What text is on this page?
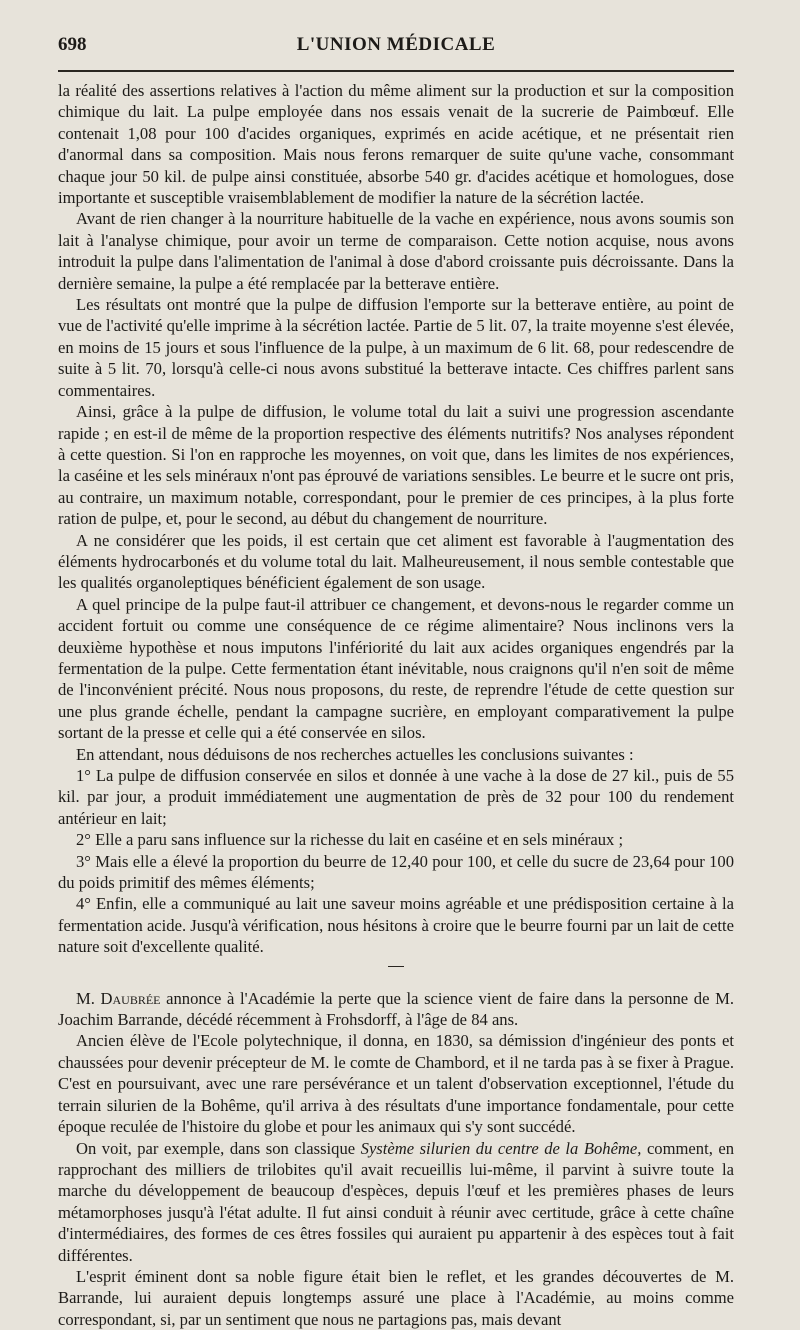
698	L'UNION MÉDICALE

la réalité des assertions relatives à l'action du même aliment sur la production et sur la composition chimique du lait. La pulpe employée dans nos essais venait de la sucrerie de Paimbœuf. Elle contenait 1,08 pour 100 d'acides organiques, exprimés en acide acétique, et ne présentait rien d'anormal dans sa composition. Mais nous ferons remarquer de suite qu'une vache, consommant chaque jour 50 kil. de pulpe ainsi constituée, absorbe 540 gr. d'acides acétique et homologues, dose importante et susceptible vraisemblablement de modifier la nature de la sécrétion lactée.

Avant de rien changer à la nourriture habituelle de la vache en expérience, nous avons soumis son lait à l'analyse chimique, pour avoir un terme de comparaison. Cette notion acquise, nous avons introduit la pulpe dans l'alimentation de l'animal à dose d'abord croissante puis décroissante. Dans la dernière semaine, la pulpe a été remplacée par la betterave entière.

Les résultats ont montré que la pulpe de diffusion l'emporte sur la betterave entière, au point de vue de l'activité qu'elle imprime à la sécrétion lactée. Partie de 5 lit. 07, la traite moyenne s'est élevée, en moins de 15 jours et sous l'influence de la pulpe, à un maximum de 6 lit. 68, pour redescendre de suite à 5 lit. 70, lorsqu'à celle-ci nous avons substitué la betterave intacte. Ces chiffres parlent sans commentaires.

Ainsi, grâce à la pulpe de diffusion, le volume total du lait a suivi une progression ascendante rapide ; en est-il de même de la proportion respective des éléments nutritifs? Nos analyses répondent à cette question. Si l'on en rapproche les moyennes, on voit que, dans les limites de nos expériences, la caséine et les sels minéraux n'ont pas éprouvé de variations sensibles. Le beurre et le sucre ont pris, au contraire, un maximum notable, correspondant, pour le premier de ces principes, à la plus forte ration de pulpe, et, pour le second, au début du changement de nourriture.

A ne considérer que les poids, il est certain que cet aliment est favorable à l'augmentation des éléments hydrocarbonés et du volume total du lait. Malheureusement, il nous semble contestable que les qualités organoleptiques bénéficient également de son usage.

A quel principe de la pulpe faut-il attribuer ce changement, et devons-nous le regarder comme un accident fortuit ou comme une conséquence de ce régime alimentaire? Nous inclinons vers la deuxième hypothèse et nous imputons l'infériorité du lait aux acides organiques engendrés par la fermentation de la pulpe. Cette fermentation étant inévitable, nous craignons qu'il n'en soit de même de l'inconvénient précité. Nous nous proposons, du reste, de reprendre l'étude de cette question sur une plus grande échelle, pendant la campagne sucrière, en employant comparativement la pulpe sortant de la presse et celle qui a été conservée en silos.

En attendant, nous déduisons de nos recherches actuelles les conclusions suivantes :

1° La pulpe de diffusion conservée en silos et donnée à une vache à la dose de 27 kil., puis de 55 kil. par jour, a produit immédiatement une augmentation de près de 32 pour 100 du rendement antérieur en lait;

2° Elle a paru sans influence sur la richesse du lait en caséine et en sels minéraux ;

3° Mais elle a élevé la proportion du beurre de 12,40 pour 100, et celle du sucre de 23,64 pour 100 du poids primitif des mêmes éléments;

4° Enfin, elle a communiqué au lait une saveur moins agréable et une prédisposition certaine à la fermentation acide. Jusqu'à vérification, nous hésitons à croire que le beurre fourni par un lait de cette nature soit d'excellente qualité.

M. Daubrée annonce à l'Académie la perte que la science vient de faire dans la personne de M. Joachim Barrande, décédé récemment à Frohsdorff, à l'âge de 84 ans.

Ancien élève de l'Ecole polytechnique, il donna, en 1830, sa démission d'ingénieur des ponts et chaussées pour devenir précepteur de M. le comte de Chambord, et il ne tarda pas à se fixer à Prague. C'est en poursuivant, avec une rare persévérance et un talent d'observation exceptionnel, l'étude du terrain silurien de la Bohême, qu'il arriva à des résultats d'une importance fondamentale, pour cette époque reculée de l'histoire du globe et pour les animaux qui s'y sont succédé.

On voit, par exemple, dans son classique Système silurien du centre de la Bohême, comment, en rapprochant des milliers de trilobites qu'il avait recueillis lui-même, il parvint à suivre toute la marche du développement de beaucoup d'espèces, depuis l'œuf et les premières phases de leurs métamorphoses jusqu'à l'état adulte. Il fut ainsi conduit à réunir avec certitude, grâce à cette chaîne d'intermédiaires, des formes de ces êtres fossiles qui auraient pu appartenir à des espèces tout à fait différentes.

L'esprit éminent dont sa noble figure était bien le reflet, et les grandes découvertes de M. Barrande, lui auraient depuis longtemps assuré une place à l'Académie, au moins comme correspondant, si, par un sentiment que nous ne partagions pas, mais devant
